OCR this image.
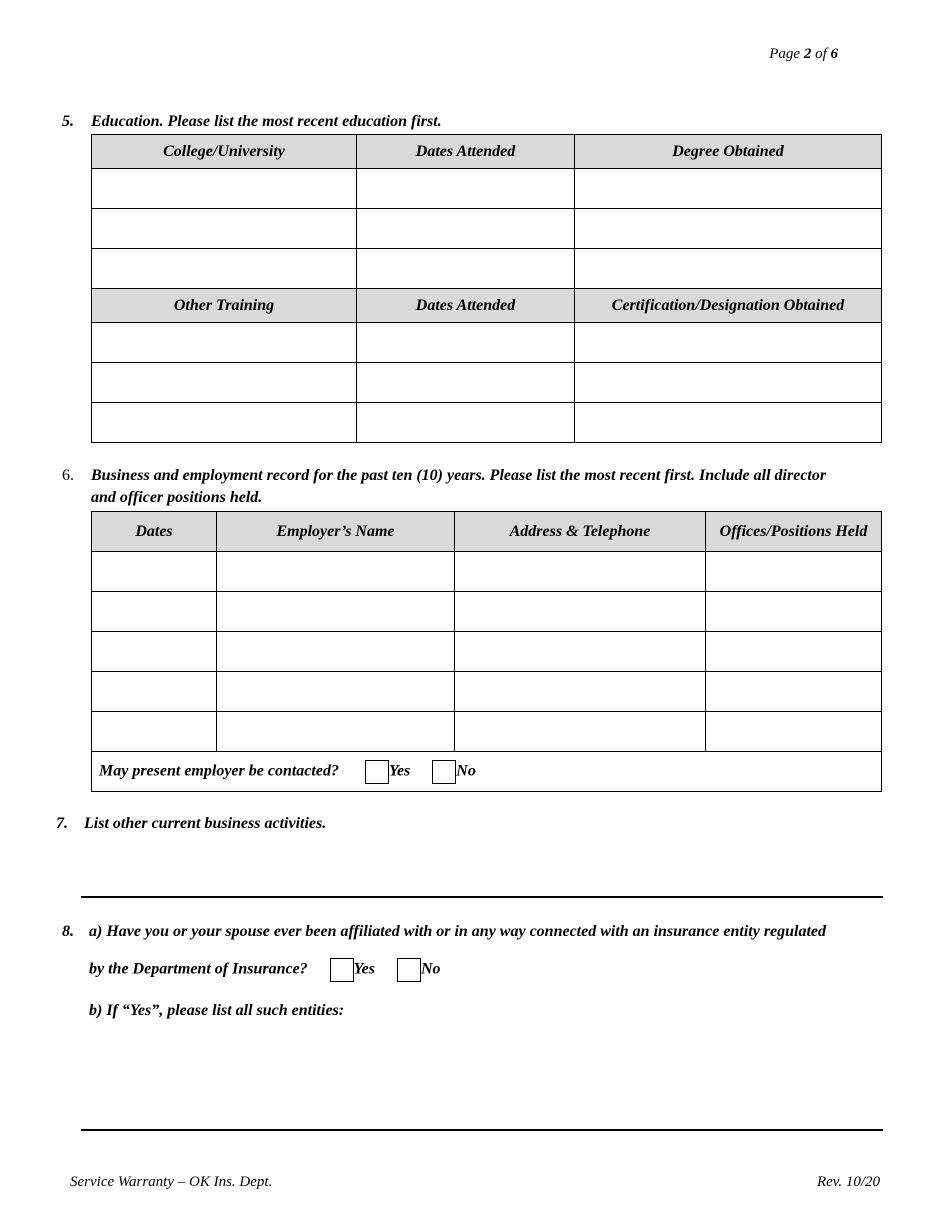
Page 2 of 6
5. Education. Please list the most recent education first.
College/University	Dates Attended	Degree Obtained

Other Training	Dates Attended	Certification/Designation Obtained

6. Business and employment record for the past ten (10) years. Please list the most recent first. Include all director
and officer positions held.
Dates	Employer’s Name	Address & Telephone	Offices/Positions Held

May present employer be contacted? Yes No			
7. List other current business activities.
8. a) Have you or your spouse ever been affiliated with or in any way connected with an insurance entity regulated
by the Department of Insurance?	Yes	No
b) If “Yes”, please list all such entities:
Service Warranty – OK Ins. Dept.	Rev. 10/20
